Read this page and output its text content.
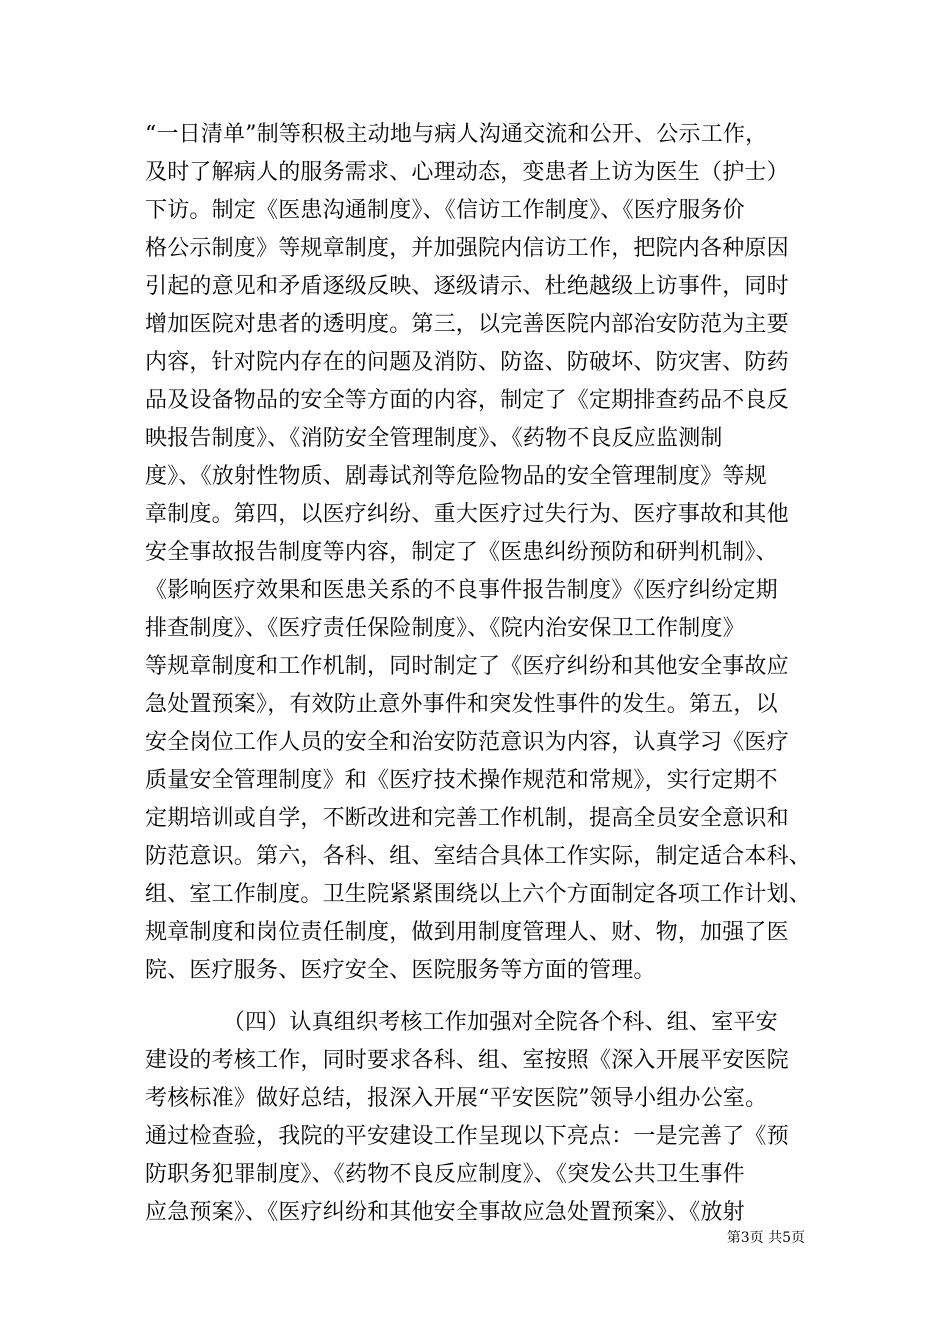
“一日清单”制等积极主动地与病人沟通交流和公开、公示工作，
及时了解病人的服务需求、心理动态，变患者上访为医生（护士）
下访。制定《医患沟通制度》、《信访工作制度》、《医疗服务价
格公示制度》等规章制度，并加强院内信访工作，把院内各种原因
引起的意见和矛盾逐级反映、逐级请示、杜绝越级上访事件，同时
增加医院对患者的透明度。第三，以完善医院内部治安防范为主要
内容，针对院内存在的问题及消防、防盗、防破坏、防灾害、防药
品及设备物品的安全等方面的内容，制定了《定期排查药品不良反
映报告制度》、《消防安全管理制度》、《药物不良反应监测制
度》、《放射性物质、剧毒试剂等危险物品的安全管理制度》等规
章制度。第四，以医疗纠纷、重大医疗过失行为、医疗事故和其他
安全事故报告制度等内容，制定了《医患纠纷预防和研判机制》、
《影响医疗效果和医患关系的不良事件报告制度》《医疗纠纷定期
排查制度》、《医疗责任保险制度》、《院内治安保卫工作制度》
等规章制度和工作机制，同时制定了《医疗纠纷和其他安全事故应
急处置预案》，有效防止意外事件和突发性事件的发生。第五，以
安全岗位工作人员的安全和治安防范意识为内容，认真学习《医疗
质量安全管理制度》和《医疗技术操作规范和常规》，实行定期不
定期培训或自学，不断改进和完善工作机制，提高全员安全意识和
防范意识。第六，各科、组、室结合具体工作实际，制定适合本科、
组、室工作制度。卫生院紧紧围绕以上六个方面制定各项工作计划、
规章制度和岗位责任制度，做到用制度管理人、财、物，加强了医
院、医疗服务、医疗安全、医院服务等方面的管理。
　　　　（四）认真组织考核工作加强对全院各个科、组、室平安
建设的考核工作，同时要求各科、组、室按照《深入开展平安医院
考核标准》做好总结，报深入开展“平安医院”领导小组办公室。
通过检查验，我院的平安建设工作呈现以下亮点：一是完善了《预
防职务犯罪制度》、《药物不良反应制度》、《突发公共卫生事件
应急预案》、《医疗纠纷和其他安全事故应急处置预案》、《放射
第3页 共5页
